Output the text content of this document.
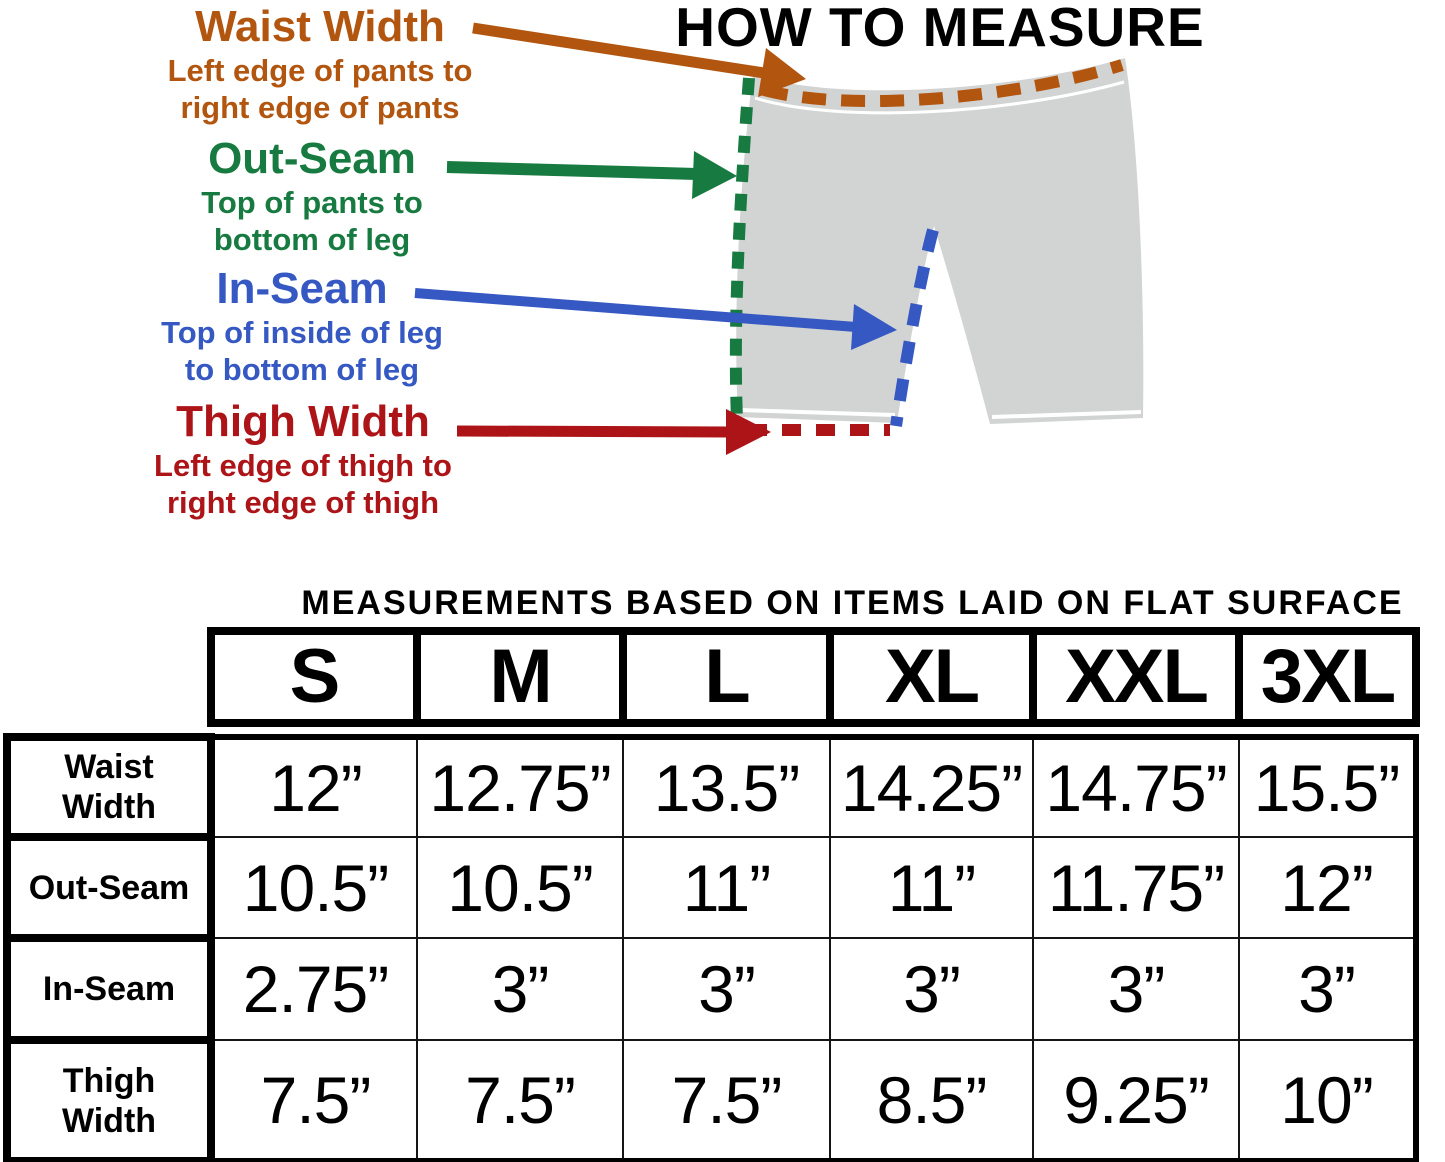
HOW TO MEASURE
Waist Width
Left edge of pants to
right edge of pants
Out-Seam
Top of pants to
bottom of leg
In-Seam
Top of inside of leg
to bottom of leg
Thigh Width
Left edge of thigh to
right edge of thigh
MEASUREMENTS BASED ON ITEMS LAID ON FLAT SURFACE
S	M	L	XL	XXL	3XL
Waist
Width	12”	12.75”	13.5”	14.25”	14.75”	15.5”
Out-Seam	10.5”	10.5”	11”	11”	11.75”	12”
In-Seam	2.75”	3”	3”	3”	3”	3”

Thigh
Width	7.5”	7.5”	7.5”	8.5”	9.25”	10”
